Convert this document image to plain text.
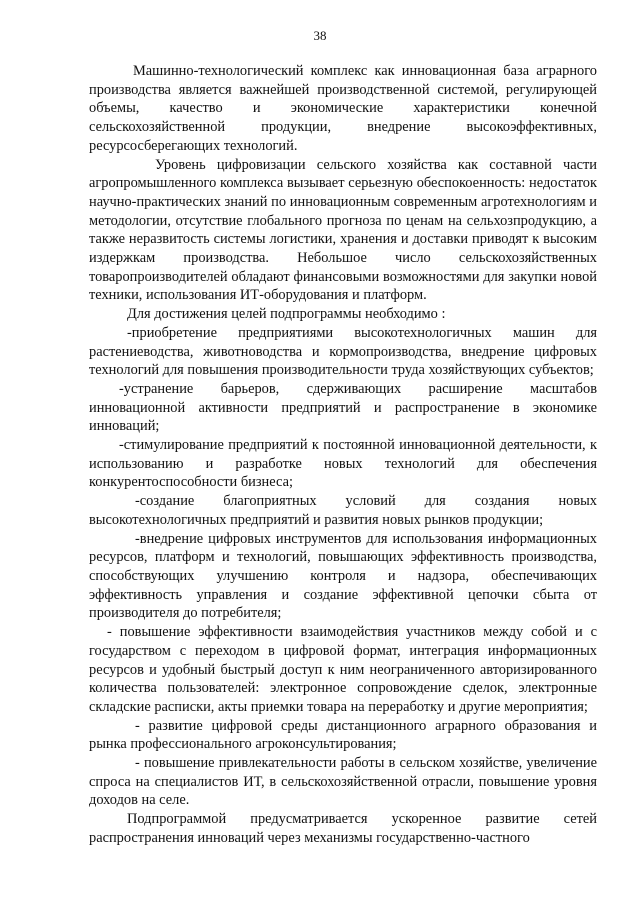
38

Машинно-технологический комплекс как инновационная база аграрного производства является важнейшей производственной системой, регулирующей объемы, качество и экономические характеристики конечной сельскохозяйственной продукции, внедрение высокоэффективных, ресурсосберегающих технологий.

Уровень цифровизации сельского хозяйства как составной части агропромышленного комплекса вызывает серьезную обеспокоенность: недостаток научно-практических знаний по инновационным современным агротехнологиям и методологии, отсутствие глобального прогноза по ценам на сельхозпродукцию, а также неразвитость системы логистики, хранения и доставки приводят к высоким издержкам производства. Небольшое число сельскохозяйственных товаропроизводителей обладают финансовыми возможностями для закупки новой техники, использования ИТ-оборудования и платформ.

Для достижения целей подпрограммы необходимо :

-приобретение предприятиями высокотехнологичных машин для растениеводства, животноводства и кормопроизводства, внедрение цифровых технологий для повышения производительности труда хозяйствующих субъектов;

-устранение барьеров, сдерживающих расширение масштабов инновационной активности предприятий и распространение в экономике инноваций;

-стимулирование предприятий к постоянной инновационной деятельности, к использованию и разработке новых технологий для обеспечения конкурентоспособности бизнеса;

-создание благоприятных условий для создания новых высокотехнологичных предприятий и развития новых рынков продукции;

-внедрение цифровых инструментов для использования информационных ресурсов, платформ и технологий, повышающих эффективность производства, способствующих улучшению контроля и надзора, обеспечивающих эффективность управления и создание эффективной цепочки сбыта от производителя до потребителя;

- повышение эффективности взаимодействия участников между собой и с государством с переходом в цифровой формат, интеграция информационных ресурсов и удобный быстрый доступ к ним неограниченного авторизированного количества пользователей: электронное сопровождение сделок, электронные складские расписки, акты приемки товара на переработку и другие мероприятия;

- развитие цифровой среды дистанционного аграрного образования и рынка профессионального агроконсультирования;

- повышение привлекательности работы в сельском хозяйстве, увеличение спроса на специалистов ИТ, в сельскохозяйственной отрасли, повышение уровня доходов на селе.

Подпрограммой предусматривается ускоренное развитие сетей распространения инноваций через механизмы государственно-частного
